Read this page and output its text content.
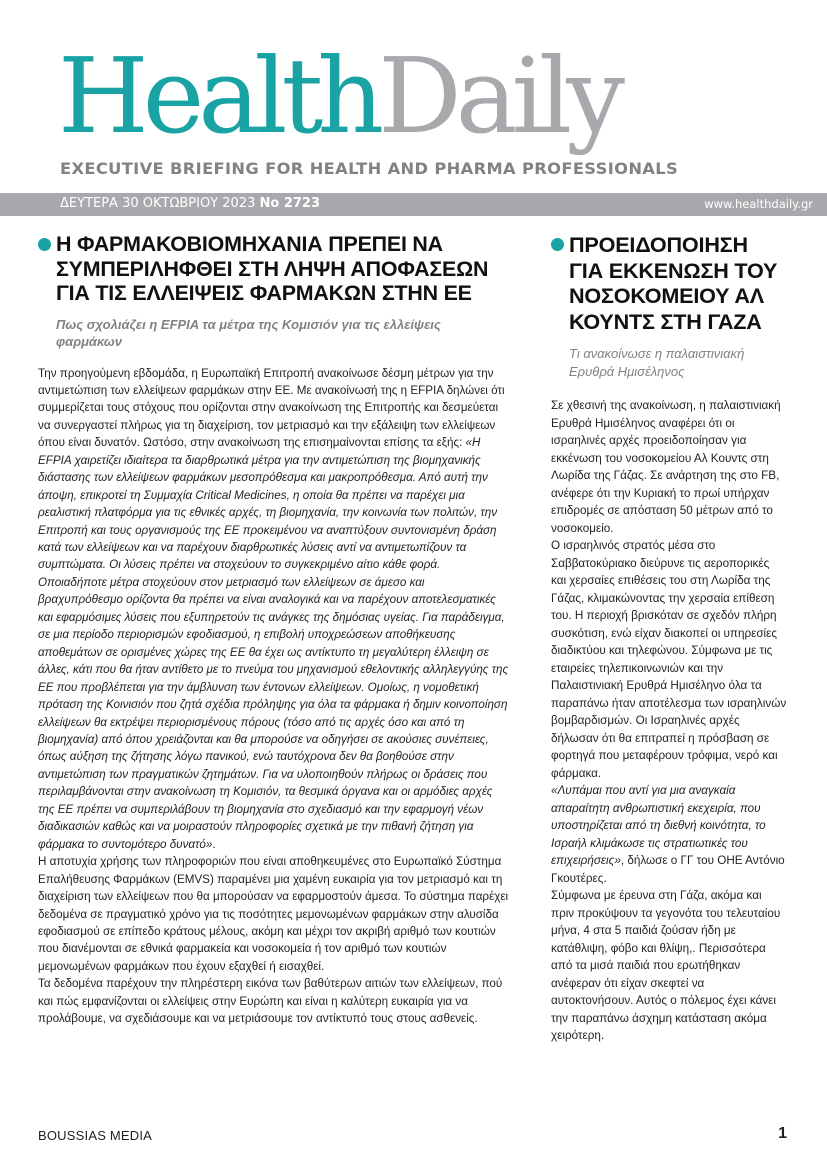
HealthDaily
EXECUTIVE BRIEFING FOR HEALTH AND PHARMA PROFESSIONALS
ΔΕΥΤΕΡΑ 30 ΟΚΤΩΒΡΙΟΥ 2023 Νο 2723	www.healthdaily.gr
Η ΦΑΡΜΑΚΟΒΙΟΜΗΧΑΝΙΑ ΠΡΕΠΕΙ ΝΑ ΣΥΜΠΕΡΙΛΗΦΘΕΙ ΣΤΗ ΛΗΨΗ ΑΠΟΦΑΣΕΩΝ ΓΙΑ ΤΙΣ ΕΛΛΕΙΨΕΙΣ ΦΑΡΜΑΚΩΝ ΣΤΗΝ ΕΕ
Πως σχολιάζει η EFPIA τα μέτρα της Κομισιόν για τις ελλείψεις φαρμάκων

Την προηγούμενη εβδομάδα, η Ευρωπαϊκή Επιτροπή ανακοίνωσε δέσμη μέτρων για την αντιμετώπιση των ελλείψεων φαρμάκων στην ΕΕ. Με ανακοίνωσή της η EFPIA δηλώνει ότι συμμερίζεται τους στόχους που ορίζονται στην ανακοίνωση της Επιτροπής και δεσμεύεται να συνεργαστεί πλήρως για τη διαχείριση, τον μετριασμό και την εξάλειψη των ελλείψεων όπου είναι δυνατόν. Ωστόσο, στην ανακοίνωση της επισημαίνονται επίσης τα εξής: «Η EFPIA χαιρετίζει ιδιαίτερα τα διαρθρωτικά μέτρα για την αντιμετώπιση της βιομηχανικής διάστασης των ελλείψεων φαρμάκων μεσοπρόθεσμα και μακροπρόθεσμα. Από αυτή την άποψη, επικροτεί τη Συμμαχία Critical Medicines, η οποία θα πρέπει να παρέχει μια ρεαλιστική πλατφόρμα για τις εθνικές αρχές, τη βιομηχανία, την κοινωνία των πολιτών, την Επιτροπή και τους οργανισμούς της ΕΕ προκειμένου να αναπτύξουν συντονισμένη δράση κατά των ελλείψεων και να παρέχουν διαρθρωτικές λύσεις αντί να αντιμετωπίζουν τα συμπτώματα. Οι λύσεις πρέπει να στοχεύουν το συγκεκριμένο αίτιο κάθε φορά. Οποιαδήποτε μέτρα στοχεύουν στον μετριασμό των ελλείψεων σε άμεσο και βραχυπρόθεσμο ορίζοντα θα πρέπει να είναι αναλογικά και να παρέχουν αποτελεσματικές και εφαρμόσιμες λύσεις που εξυπηρετούν τις ανάγκες της δημόσιας υγείας. Για παράδειγμα, σε μια περίοδο περιορισμών εφοδιασμού, η επιβολή υποχρεώσεων αποθήκευσης αποθεμάτων σε ορισμένες χώρες της ΕΕ θα έχει ως αντίκτυπο τη μεγαλύτερη έλλειψη σε άλλες, κάτι που θα ήταν αντίθετο με το πνεύμα του μηχανισμού εθελοντικής αλληλεγγύης της ΕΕ που προβλέπεται για την άμβλυνση των έντονων ελλείψεων. Ομοίως, η νομοθετική πρόταση της Κοινισιόν που ζητά σχέδια πρόληψης για όλα τα φάρμακα ή δημιν κοινοποίηση ελλείψεων θα εκτρέψει περιορισμένους πόρους (τόσο από τις αρχές όσο και από τη βιομηχανία) από όπου χρειάζονται και θα μπορούσε να οδηγήσει σε ακούσιες συνέπειες, όπως αύξηση της ζήτησης λόγω πανικού, ενώ ταυτόχρονα δεν θα βοηθούσε στην αντιμετώπιση των πραγματικών ζητημάτων. Για να υλοποιηθούν πλήρως οι δράσεις που περιλαμβάνονται στην ανακοίνωση τη Κομισιόν, τα θεσμικά όργανα και οι αρμόδιες αρχές της ΕΕ πρέπει να συμπεριλάβουν τη βιομηχανία στο σχεδιασμό και την εφαρμογή νέων διαδικασιών καθώς και να μοιραστούν πληροφορίες σχετικά με την πιθανή ζήτηση για φάρμακα το συντομότερο δυνατό».

Η αποτυχία χρήσης των πληροφοριών που είναι αποθηκευμένες στο Ευρωπαϊκό Σύστημα Επαλήθευσης Φαρμάκων (EMVS) παραμένει μια χαμένη ευκαιρία για τον μετριασμό και τη διαχείριση των ελλείψεων που θα μπορούσαν να εφαρμοστούν άμεσα. Το σύστημα παρέχει δεδομένα σε πραγματικό χρόνο για τις ποσότητες μεμονωμένων φαρμάκων στην αλυσίδα εφοδιασμού σε επίπεδο κράτους μέλους, ακόμη και μέχρι τον ακριβή αριθμό των κουτιών που διανέμονται σε εθνικά φαρμακεία και νοσοκομεία ή τον αριθμό των κουτιών μεμονωμένων φαρμάκων που έχουν εξαχθεί ή εισαχθεί.

Τα δεδομένα παρέχουν την πληρέστερη εικόνα των βαθύτερων αιτιών των ελλείψεων, πού και πώς εμφανίζονται οι ελλείψεις στην Ευρώπη και είναι η καλύτερη ευκαιρία για να προλάβουμε, να σχεδιάσουμε και να μετριάσουμε τον αντίκτυπό τους στους ασθενείς.

ΠΡΟΕΙΔΟΠΟΙΗΣΗ ΓΙΑ ΕΚΚΕΝΩΣΗ ΤΟΥ ΝΟΣΟΚΟΜΕΙΟΥ ΑΛ ΚΟΥΝΤΣ ΣΤΗ ΓΑΖΑ
Τι ανακοίνωσε η παλαιστινιακή Ερυθρά Ημισέληνος

Σε χθεσινή της ανακοίνωση, η παλαιστινιακή Ερυθρά Ημισέληνος αναφέρει ότι οι ισραηλινές αρχές προειδοποίησαν για εκκένωση του νοσοκομείου Αλ Κουντς στη Λωρίδα της Γάζας. Σε ανάρτηση της στο FB, ανέφερε ότι την Κυριακή το πρωί υπήρχαν επιδρομές σε απόσταση 50 μέτρων από το νοσοκομείο.

Ο ισραηλινός στρατός μέσα στο Σαββατοκύριακο διεύρυνε τις αεροπορικές και χερσαίες επιθέσεις του στη Λωρίδα της Γάζας, κλιμακώνοντας την χερσαία επίθεση του. Η περιοχή βρισκόταν σε σχεδόν πλήρη συσκότιση, ενώ είχαν διακοπεί οι υπηρεσίες διαδικτύου και τηλεφώνου. Σύμφωνα με τις εταιρείες τηλεπικοινωνιών και την Παλαιστινιακή Ερυθρά Ημισέληνο όλα τα παραπάνω ήταν αποτέλεσμα των ισραηλινών βομβαρδισμών. Οι Ισραηλινές αρχές δήλωσαν ότι θα επιτραπεί η πρόσβαση σε φορτηγά που μεταφέρουν τρόφιμα, νερό και φάρμακα.

«Λυπάμαι που αντί για μια αναγκαία απαραίτητη ανθρωπιστική εκεχειρία, που υποστηρίζεται από τη διεθνή κοινότητα, το Ισραήλ κλιμάκωσε τις στρατιωτικές του επιχειρήσεις», δήλωσε ο ΓΓ του ΟΗΕ Αντόνιο Γκουτέρες.

Σύμφωνα με έρευνα στη Γάζα, ακόμα και πριν προκύψουν τα γεγονότα του τελευταίου μήνα, 4 στα 5 παιδιά ζούσαν ήδη με κατάθλιψη, φόβο και θλίψη,. Περισσότερα από τα μισά παιδιά που ερωτήθηκαν ανέφεραν ότι είχαν σκεφτεί να αυτοκτονήσουν. Αυτός ο πόλεμος έχει κάνει την παραπάνω άσχημη κατάσταση ακόμα χειρότερη.

BOUSSIAS MEDIA	1
